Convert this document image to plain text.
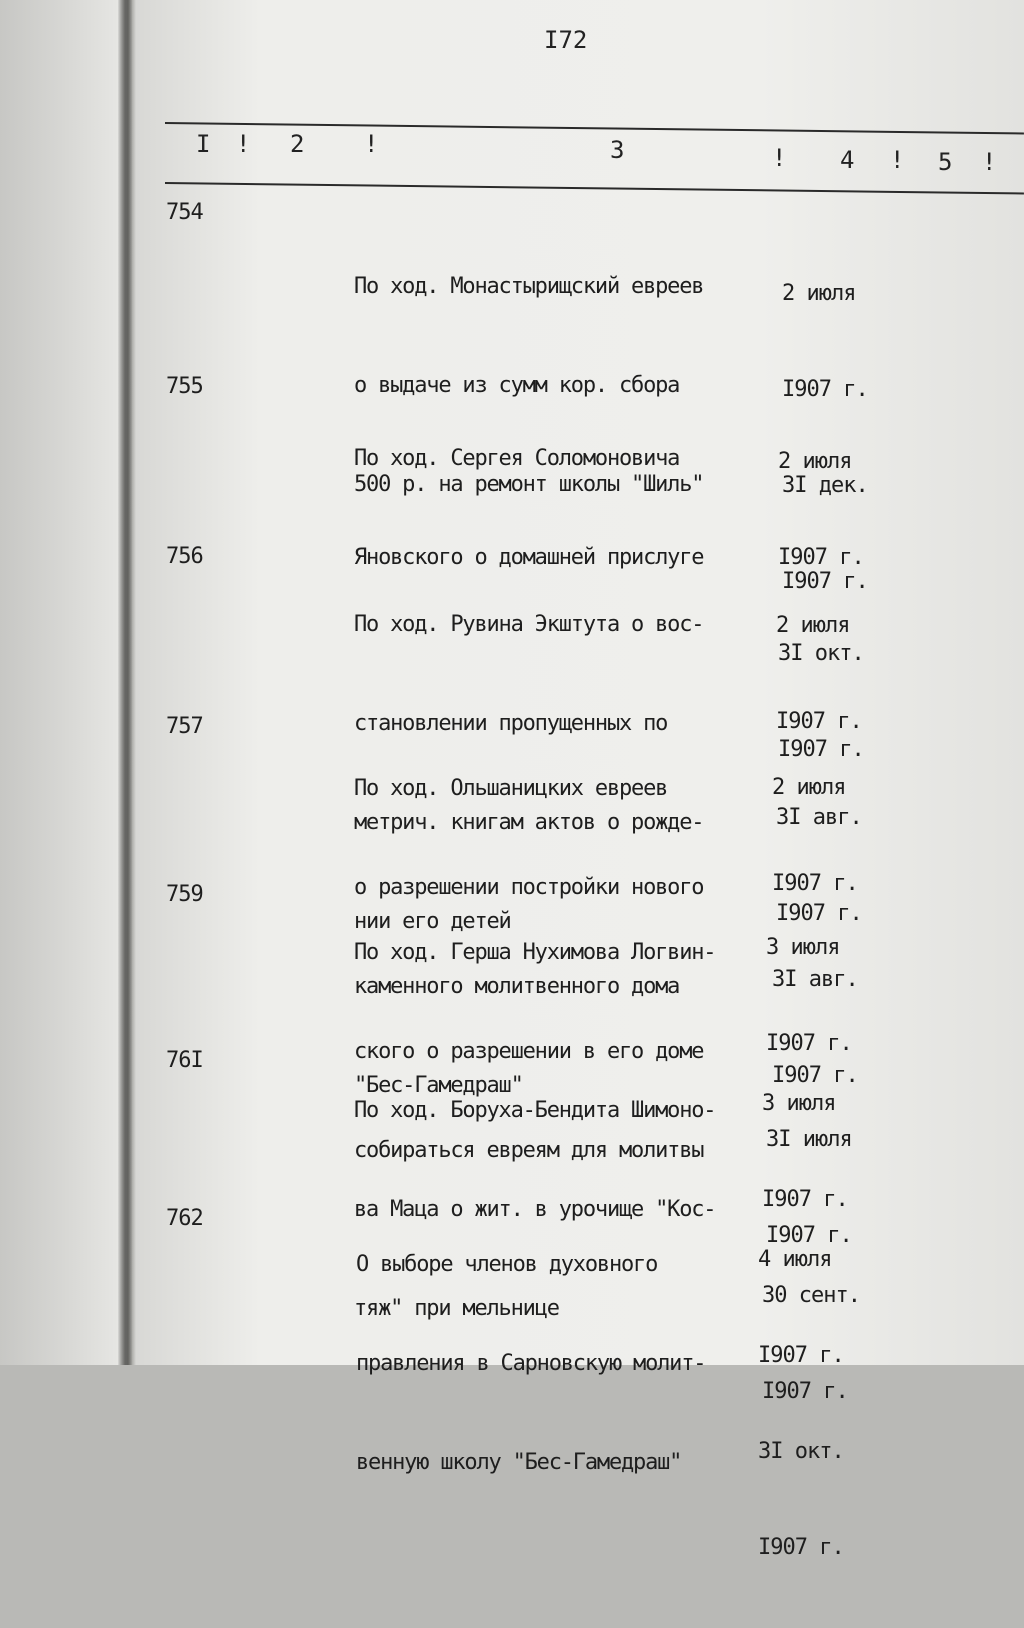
I72
I ! 2 !	3	! 4 ! 5 !
754

По ход. Монастырищский евреев

о выдаче из сумм кор. сбора

500 р. на ремонт школы "Шиль"

2 июля

I907 г.

3I дек.

I907 г.

755

По ход. Сергея Соломоновича

Яновского о домашней прислуге

2 июля

I907 г.

3I окт.

I907 г.

756

По ход. Рувина Экштута о вос-

становлении пропущенных по

метрич. книгам актов о рожде-

нии его детей

2 июля

I907 г.

3I авг.

I907 г.

757

По ход. Ольшаницких евреев

о разрешении постройки нового

каменного молитвенного дома

"Бес-Гамедраш"

2 июля

I907 г.

3I авг.

I907 г.

759

По ход. Герша Нухимова Логвин-

ского о разрешении в его доме

собираться евреям для молитвы

3 июля

I907 г.

3I июля

I907 г.

76I

По ход. Боруха-Бендита Шимоно-

ва Маца о жит. в урочище "Кос-

тяж" при мельнице

3 июля

I907 г.

30 сент.

I907 г.

762

О выборе членов духовного

правления в Сарновскую молит-

венную школу "Бес-Гамедраш"

4 июля

I907 г.

3I окт.

I907 г.
